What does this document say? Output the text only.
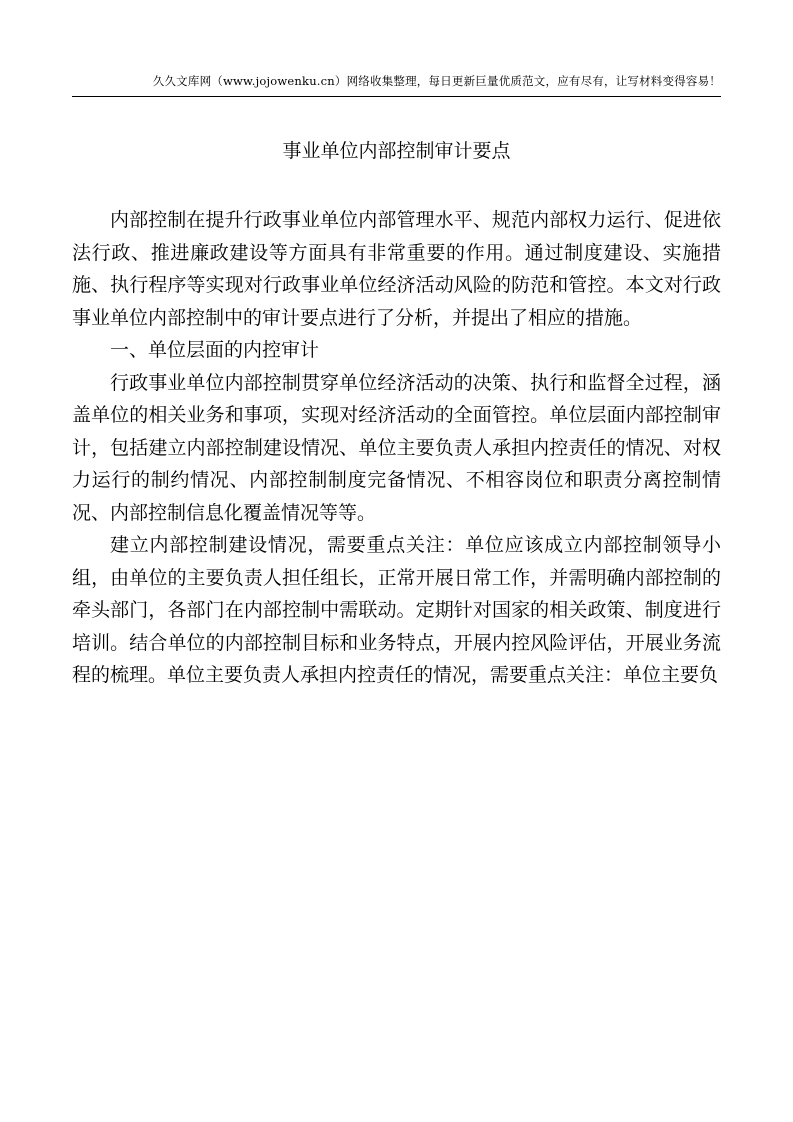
久久文库网（www.jojowenku.cn）网络收集整理，每日更新巨量优质范文，应有尽有，让写材料变得容易！
事业单位内部控制审计要点

内部控制在提升行政事业单位内部管理水平、规范内部权力运行、促进依法行政、推进廉政建设等方面具有非常重要的作用。通过制度建设、实施措施、执行程序等实现对行政事业单位经济活动风险的防范和管控。本文对行政事业单位内部控制中的审计要点进行了分析，并提出了相应的措施。

一、单位层面的内控审计

行政事业单位内部控制贯穿单位经济活动的决策、执行和监督全过程，涵盖单位的相关业务和事项，实现对经济活动的全面管控。单位层面内部控制审计，包括建立内部控制建设情况、单位主要负责人承担内控责任的情况、对权力运行的制约情况、内部控制制度完备情况、不相容岗位和职责分离控制情况、内部控制信息化覆盖情况等等。

建立内部控制建设情况，需要重点关注：单位应该成立内部控制领导小组，由单位的主要负责人担任组长，正常开展日常工作，并需明确内部控制的牵头部门，各部门在内部控制中需联动。定期针对国家的相关政策、制度进行培训。结合单位的内部控制目标和业务特点，开展内控风险评估，开展业务流程的梳理。单位主要负责人承担内控责任的情况，需要重点关注：单位主要负
